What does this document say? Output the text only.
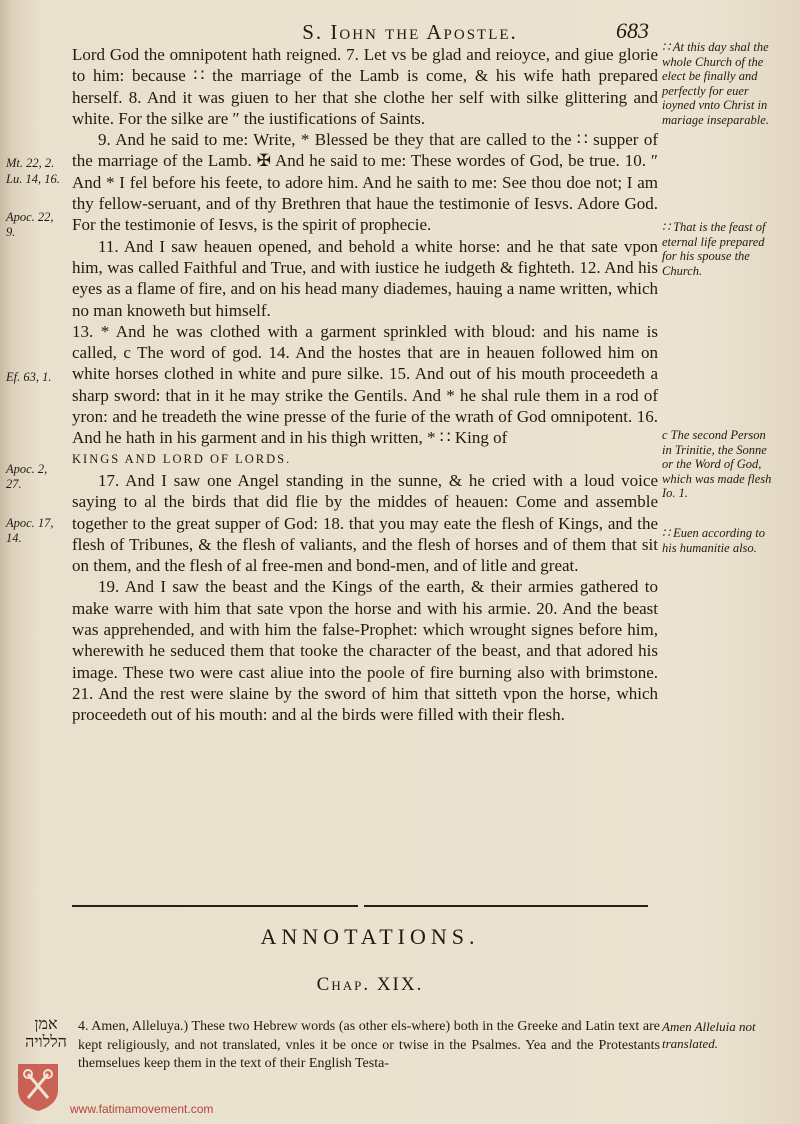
S. Iohn the Apostle.	683
Mt. 22, 2.
Lu. 14, 16.
Apoc. 22, 9.
Ef. 63, 1.
Apoc. 2, 27.
Apoc. 17, 14.

Lord God the omnipotent hath reigned. 7. Let vs be glad and reioyce, and giue glorie to him: because ∷ the marriage of the Lamb is come, & his wife hath prepared herself. 8. And it was giuen to her that she clothe her self with silke glittering and white. For the silke are ″ the iustifications of Saints.

9. And he said to me: Write, * Blessed be they that are called to the ∷ supper of the marriage of the Lamb. ✠ And he said to me: These wordes of God, be true. 10. ″ And * I fel before his feete, to adore him. And he saith to me: See thou doe not; I am thy fellow-seruant, and of thy Brethren that haue the testimonie of Iesvs. Adore God. For the testimonie of Iesvs, is the spirit of prophecie.

11. And I saw heauen opened, and behold a white horse: and he that sate vpon him, was called Faithful and True, and with iustice he iudgeth & fighteth. 12. And his eyes as a flame of fire, and on his head many diademes, hauing a name written, which no man knoweth but himself.

13. * And he was clothed with a garment sprinkled with bloud: and his name is called, c The word of god. 14. And the hostes that are in heauen followed him on white horses clothed in white and pure silke. 15. And out of his mouth proceedeth a sharp sword: that in it he may strike the Gentils. And * he shal rule them in a rod of yron: and he treadeth the wine presse of the furie of the wrath of God omnipotent. 16. And he hath in his garment and in his thigh written, * ∷ King of

KINGS AND LORD OF LORDS.

17. And I saw one Angel standing in the sunne, & he cried with a loud voice saying to al the birds that did flie by the middes of heauen: Come and assemble together to the great supper of God: 18. that you may eate the flesh of Kings, and the flesh of Tribunes, & the flesh of valiants, and the flesh of horses and of them that sit on them, and the flesh of al free-men and bond-men, and of litle and great.

19. And I saw the beast and the Kings of the earth, & their armies gathered to make warre with him that sate vpon the horse and with his armie. 20. And the beast was apprehended, and with him the false-Prophet: which wrought signes before him, wherewith he seduced them that tooke the character of the beast, and that adored his image. These two were cast aliue into the poole of fire burning also with brimstone. 21. And the rest were slaine by the sword of him that sitteth vpon the horse, which proceedeth out of his mouth: and al the birds were filled with their flesh.

∷ At this day shal the whole Church of the elect be finally and perfectly for euer ioyned vnto Christ in mariage inseparable.
∷ That is the feast of eternal life prepared for his spouse the Church.
c The second Person in Trinitie, the Sonne or the Word of God, which was made flesh Io. 1.
∷ Euen according to his humanitie also.
ANNOTATIONS.
Chap. XIX.
אמן הללויה
4. Amen, Alleluya.) These two Hebrew words (as other els-where) both in the Greeke and Latin text are kept religiously, and not translated, vnles it be once or twise in the Psalmes. Yea and the Protestants themselues keep them in the text of their English Testa-
Amen Alleluia not translated.
www.fatimamovement.com
